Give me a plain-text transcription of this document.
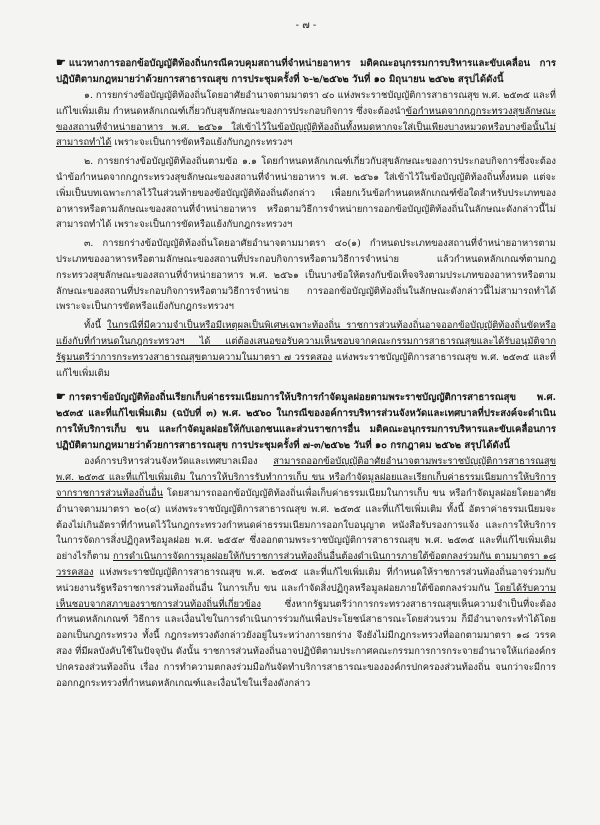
- ๗ -

☛ แนวทางการออกข้อบัญญัติท้องถิ่นกรณีควบคุมสถานที่จำหน่ายอาหาร มติคณะอนุกรรมการบริหารและขับเคลื่อน การปฏิบัติตามกฎหมายว่าด้วยการสาธารณสุข การประชุมครั้งที่ ๖-๒/๒๕๖๒ วันที่ ๑๐ มิถุนายน ๒๕๖๒ สรุปได้ดังนี้

๑. การยกร่างข้อบัญญัติท้องถิ่นโดยอาศัยอำนาจตามมาตรา ๔๐ แห่งพระราชบัญญัติการสาธารณสุข พ.ศ. ๒๕๓๕ และที่แก้ไขเพิ่มเติม กำหนดหลักเกณฑ์เกี่ยวกับสุขลักษณะของการประกอบกิจการ ซึ่งจะต้องนำข้อกำหนดจากกฎกระทรวงสุขลักษณะของสถานที่จำหน่ายอาหาร พ.ศ. ๒๕๖๑ ใส่เข้าไว้ในข้อบัญญัติท้องถิ่นทั้งหมดหากจะใส่เป็นเพียงบางหมวดหรือบางข้อนั้นไม่สามารถทำได้ เพราะจะเป็นการขัดหรือแย้งกับกฎกระทรวงฯ

๒. การยกร่างข้อบัญญัติท้องถิ่นตามข้อ ๑.๑ โดยกำหนดหลักเกณฑ์เกี่ยวกับสุขลักษณะของการประกอบกิจการซึ่งจะต้องนำข้อกำหนดจากกฎกระทรวงสุขลักษณะของสถานที่จำหน่ายอาหาร พ.ศ. ๒๕๖๑ ใส่เข้าไว้ในข้อบัญญัติท้องถิ่นทั้งหมด แต่จะเพิ่มเป็นบทเฉพาะกาลไว้ในส่วนท้ายของข้อบัญญัติท้องถิ่นดังกล่าว เพื่อยกเว้นข้อกำหนดหลักเกณฑ์ข้อใดสำหรับประเภทของอาหารหรือตามลักษณะของสถานที่จำหน่ายอาหาร หรือตามวิธีการจำหน่ายการออกข้อบัญญัติท้องถิ่นในลักษณะดังกล่าวนี้ไม่สามารถทำได้ เพราะจะเป็นการขัดหรือแย้งกับกฎกระทรวงฯ

๓. การยกร่างข้อบัญญัติท้องถิ่นโดยอาศัยอำนาจตามมาตรา ๔๐(๑) กำหนดประเภทของสถานที่จำหน่ายอาหารตามประเภทของอาหารหรือตามลักษณะของสถานที่ประกอบกิจการหรือตามวิธีการจำหน่าย แล้วกำหนดหลักเกณฑ์ตามกฎกระทรวงสุขลักษณะของสถานที่จำหน่ายอาหาร พ.ศ. ๒๕๖๑ เป็นบางข้อให้ตรงกับข้อเท็จจริงตามประเภทของอาหารหรือตามลักษณะของสถานที่ประกอบกิจการหรือตามวิธีการจำหน่าย การออกข้อบัญญัติท้องถิ่นในลักษณะดังกล่าวนี้ไม่สามารถทำได้ เพราะจะเป็นการขัดหรือแย้งกับกฎกระทรวงฯ

ทั้งนี้ ในกรณีที่มีความจำเป็นหรือมีเหตุผลเป็นพิเศษเฉพาะท้องถิ่น ราชการส่วนท้องถิ่นอาจออกข้อบัญญัติท้องถิ่นขัดหรือแย้งกับที่กำหนดในกฎกระทรวงฯ ได้ แต่ต้องเสนอขอรับความเห็นชอบจากคณะกรรมการสาธารณสุขและได้รับอนุมัติจากรัฐมนตรีว่าการกระทรวงสาธารณสุขตามความในมาตรา ๗ วรรคสอง แห่งพระราชบัญญัติการสาธารณสุข พ.ศ. ๒๕๓๕ และที่แก้ไขเพิ่มเติม

☛ การตราข้อบัญญัติท้องถิ่นเรียกเก็บค่าธรรมเนียมการให้บริการกำจัดมูลฝอยตามพระราชบัญญัติการสาธารณสุข พ.ศ. ๒๕๓๕ และที่แก้ไขเพิ่มเติม (ฉบับที่ ๓) พ.ศ. ๒๕๖๐ ในกรณีของอค์การบริหารส่วนจังหวัดและเทศบาลที่ประสงค์จะดำเนินการให้บริการเก็บ ขน และกำจัดมูลฝอยให้กับเอกชนและส่วนราชการอื่น มติคณะอนุกรรมการบริหารและขับเคลื่อนการปฏิบัติตามกฎหมายว่าด้วยการสาธารณสุข การประชุมครั้งที่ ๗-๓/๒๕๖๒ วันที่ ๑๐ กรกฎาคม ๒๕๖๒ สรุปได้ดังนี้

องค์การบริหารส่วนจังหวัดและเทศบาลเมือง สามารถออกข้อบัญญัติอาศัยอำนาจตามพระราชบัญญัติการสาธารณสุข พ.ศ. ๒๕๓๕ และที่แก้ไขเพิ่มเติม ในการให้บริการรับทำการเก็บ ขน หรือกำจัดมูลฝอยและเรียกเก็บค่าธรรมเนียมการให้บริการจากราชการส่วนท้องถิ่นอื่น โดยสามารถออกข้อบัญญัติท้องถิ่นเพื่อเก็บค่าธรรมเนียมในการเก็บ ขน หรือกำจัดมูลฝอยโดยอาศัยอำนาจตามมาตรา ๒๐(๔) แห่งพระราชบัญญัติการสาธารณสุข พ.ศ. ๒๕๓๕ และที่แก้ไขเพิ่มเติม ทั้งนี้ อัตราค่าธรรมเนียมจะต้องไม่เกินอัตราที่กำหนดไว้ในกฎกระทรวงกำหนดค่าธรรมเนียมการออกใบอนุญาต หนังสือรับรองการแจ้ง และการให้บริการในการจัดการสิ่งปฏิกูลหรือมูลฝอย พ.ศ. ๒๕๕๙ ซึ่งออกตามพระราชบัญญัติการสาธารณสุข พ.ศ. ๒๕๓๕ และที่แก้ไขเพิ่มเติม อย่างไรก็ตาม การดำเนินการจัดการมูลฝอยให้กับราชการส่วนท้องถิ่นอื่นต้องดำเนินการภายใต้ข้อตกลงร่วมกัน ตามมาตรา ๑๘ วรรคสอง แห่งพระราชบัญญัติการสาธารณสุข พ.ศ. ๒๕๓๕ และที่แก้ไขเพิ่มเติม ที่กำหนดให้ราชการส่วนท้องถิ่นอาจร่วมกับหน่วยงานรัฐหรือราชการส่วนท้องถิ่นอื่น ในการเก็บ ขน และกำจัดสิ่งปฏิกูลหรือมูลฝอยภายใต้ข้อตกลงร่วมกัน โดยได้รับความเห็นชอบจากสภาของราชการส่วนท้องถิ่นที่เกี่ยวข้อง ซึ่งหากรัฐมนตรีว่าการกระทรวงสาธารณสุขเห็นความจำเป็นที่จะต้องกำหนดหลักเกณฑ์ วิธีการ และเงื่อนไขในการดำเนินการร่วมกันเพื่อประโยชน์สาธารณะโดยส่วนรวม ก็มีอำนาจกระทำได้โดยออกเป็นกฎกระทรวง ทั้งนี้ กฎกระทรวงดังกล่าวยังอยู่ในระหว่างการยกร่าง จึงยังไม่มีกฎกระทรวงที่ออกตามมาตรา ๑๘ วรรคสอง ที่มีผลบังคับใช้ในปัจจุบัน ดังนั้น ราชการส่วนท้องถิ่นอาจปฏิบัติตามประกาศคณะกรรมการการกระจายอำนาจให้แก่องค์กรปกครองส่วนท้องถิ่น เรื่อง การทำความตกลงร่วมมือกันจัดทำบริการสาธารณะขององค์กรปกครองส่วนท้องถิ่น จนกว่าจะมีการออกกฎกระทรวงที่กำหนดหลักเกณฑ์และเงื่อนไขในเรื่องดังกล่าว
